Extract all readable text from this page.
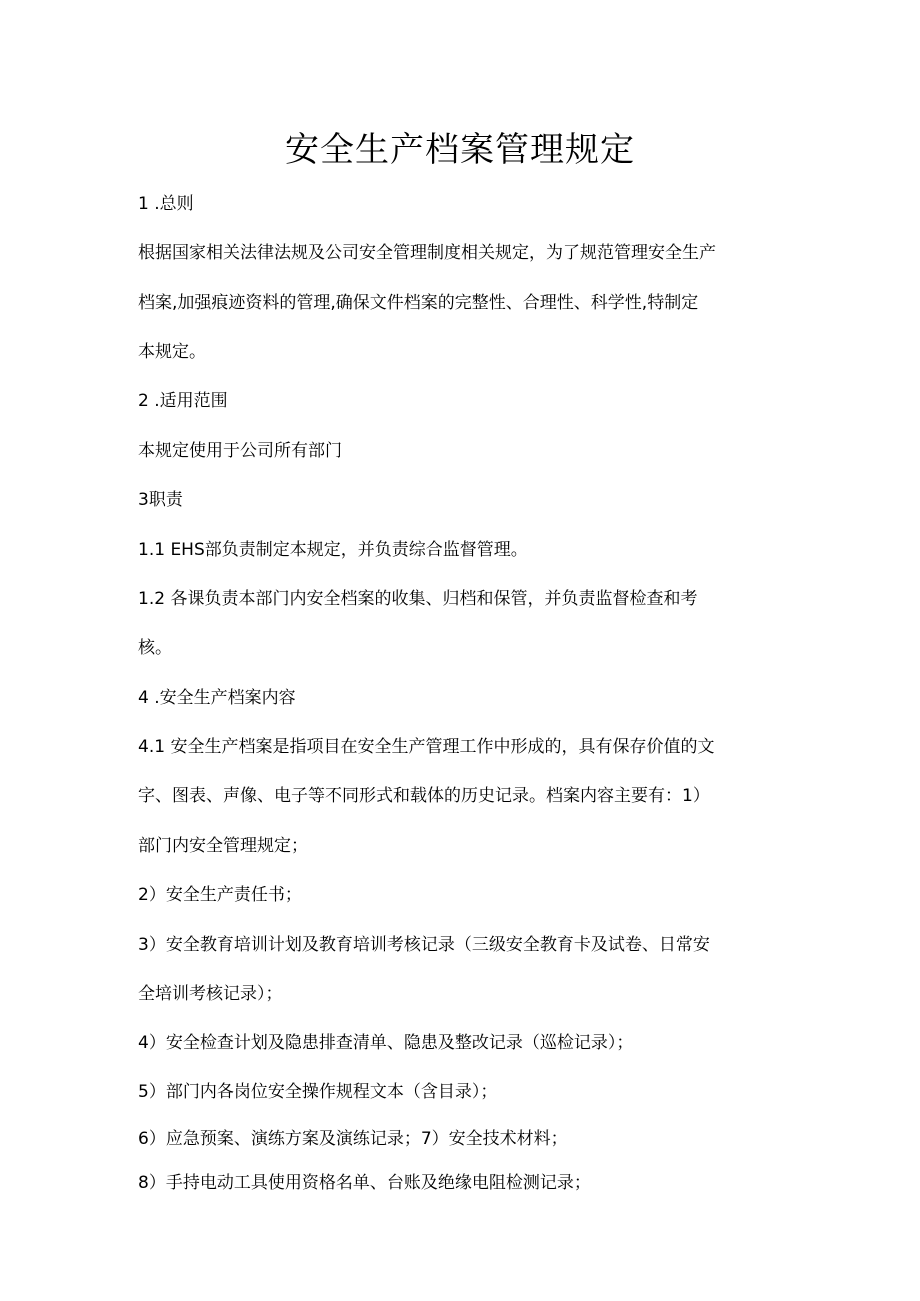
安全生产档案管理规定

1 .总则

根据国家相关法律法规及公司安全管理制度相关规定，为了规范管理安全生产

档案,加强痕迹资料的管理,确保文件档案的完整性、合理性、科学性,特制定

本规定。

2 .适用范围

本规定使用于公司所有部门

3职责

1.1 EHS部负责制定本规定，并负责综合监督管理。

1.2 各课负责本部门内安全档案的收集、归档和保管，并负责监督检查和考

核。

4 .安全生产档案内容

4.1 安全生产档案是指项目在安全生产管理工作中形成的，具有保存价值的文

字、图表、声像、电子等不同形式和载体的历史记录。档案内容主要有：1）

部门内安全管理规定；

2）安全生产责任书；

3）安全教育培训计划及教育培训考核记录（三级安全教育卡及试卷、日常安

全培训考核记录）；

4）安全检查计划及隐患排查清单、隐患及整改记录（巡检记录）；

5）部门内各岗位安全操作规程文本（含目录）；

6）应急预案、演练方案及演练记录；7）安全技术材料；

8）手持电动工具使用资格名单、台账及绝缘电阻检测记录；
